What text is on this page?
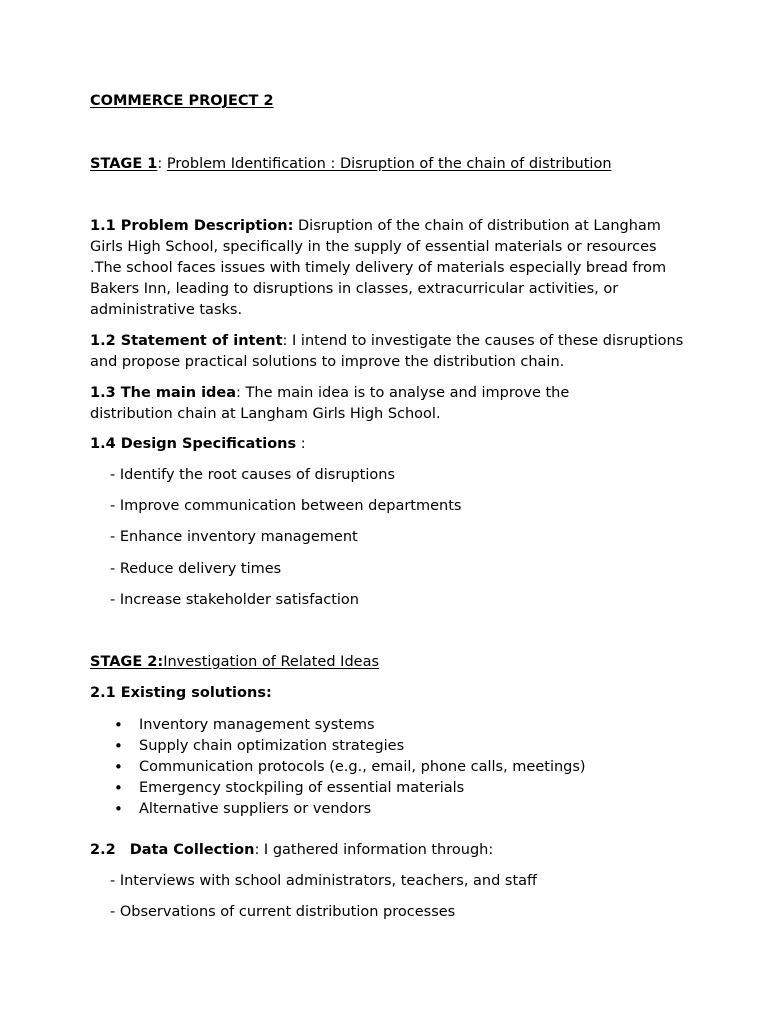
COMMERCE PROJECT 2

STAGE 1: Problem Identification : Disruption of the chain of distribution

1.1 Problem Description: Disruption of the chain of distribution at Langham Girls High School, specifically in the supply of essential materials or resources .The school faces issues with timely delivery of materials especially bread from Bakers Inn, leading to disruptions in classes, extracurricular activities, or administrative tasks.

1.2 Statement of intent: I intend to investigate the causes of these disruptions and propose practical solutions to improve the distribution chain.

1.3 The main idea: The main idea is to analyse and improve the distribution chain at Langham Girls High School.

1.4 Design Specifications :

- Identify the root causes of disruptions

- Improve communication between departments

- Enhance inventory management

- Reduce delivery times

- Increase stakeholder satisfaction

STAGE 2:Investigation of Related Ideas

2.1 Existing solutions:

• Inventory management systems
• Supply chain optimization strategies
• Communication protocols (e.g., email, phone calls, meetings)
• Emergency stockpiling of essential materials
• Alternative suppliers or vendors

2.2 Data Collection: I gathered information through:

- Interviews with school administrators, teachers, and staff

- Observations of current distribution processes
